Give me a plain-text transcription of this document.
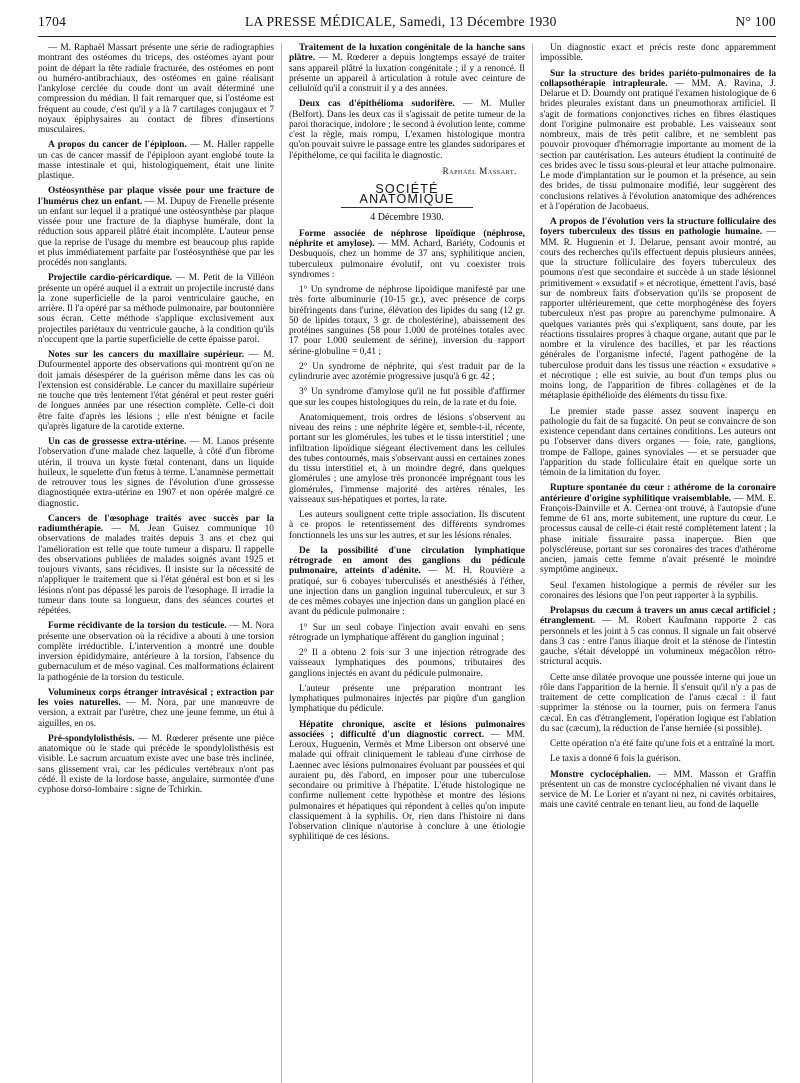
1704	LA PRESSE MÉDICALE, Samedi, 13 Décembre 1930	N° 100

— M. Raphaël Massart présente une série de radiographies montrant des ostéomes du triceps, des ostéomes ayant pour point de départ la tête radiale fracturée, des ostéomes en pont ou huméro-antibrachiaux, des ostéomes en gaine réalisant l'ankylose cerclée du coude dont un avait déterminé une compression du médian. Il fait remarquer que, si l'ostéome est fréquent au coude, c'est qu'il y a là 7 cartilages conjugaux et 7 noyaux épiphysaires au contact de fibres d'insertions musculaires.

A propos du cancer de l'épiploon. — M. Haller rappelle un cas de cancer massif de l'épiploon ayant englobé toute la masse intestinale et qui, histologiquement, était une linite plastique.

Ostéosynthèse par plaque vissée pour une fracture de l'humérus chez un enfant. — M. Dupuy de Frenelle présente un enfant sur lequel il a pratiqué une ostéosynthèse par plaque vissée pour une fracture de la diaphyse humérale, dont la réduction sous appareil plâtré était incomplète. L'auteur pense que la reprise de l'usage du membre est beaucoup plus rapide et plus immédiatement parfaite par l'ostéosynthèse que par les procédés non sanglants.

Projectile cardio-péricardique. — M. Petit de la Villéon présente un opéré auquel il a extrait un projectile incrusté dans la zone superficielle de la paroi ventriculaire gauche, en arrière. Il l'a opéré par sa méthode pulmonaire, par boutonnière sous écran. Cette méthode s'applique exclusivement aux projectiles pariétaux du ventricule gauche, à la condition qu'ils n'occupent que la partie superficielle de cette épaisse paroi.

Notes sur les cancers du maxillaire supérieur. — M. Dufourmentel apporte des observations qui montrent qu'on ne doit jamais désespérer de la guérison même dans les cas où l'extension est considérable. Le cancer du maxillaire supérieur ne touche que très lentement l'état général et peut rester guéri de longues années par une résection complète. Celle-ci doit être faite d'après les lésions ; elle n'est bénigne et facile qu'après ligature de la carotide externe.

Un cas de grossesse extra-utérine. — M. Lanos présente l'observation d'une malade chez laquelle, à côté d'un fibrome utérin, il trouva un kyste fœtal contenant, dans un liquide huileux, le squelette d'un fœtus à terme. L'anamnèse permettait de retrouver tous les signes de l'évolution d'une grossesse diagnostiquée extra-utérine en 1907 et non opérée malgré ce diagnostic.

Cancers de l'œsophage traités avec succès par la radiumthérapie. — M. Jean Guisez communique 10 observations de malades traités depuis 3 ans et chez qui l'amélioration est telle que toute tumeur a disparu. Il rappelle des observations publiées de malades soignés avant 1925 et toujours vivants, sans récidives. Il insiste sur la nécessité de n'appliquer le traitement que si l'état général est bon et si les lésions n'ont pas dépassé les parois de l'œsophage. Il irradie la tumeur dans toute sa longueur, dans des séances courtes et répétées.

Forme récidivante de la torsion du testicule. — M. Nora présente une observation où la récidive a abouti à une torsion complète irréductible. L'intervention a montré une double inversion épididymaire, antérieure à la torsion, l'absence du gubernaculum et de méso vaginal. Ces malformations éclairent la pathogénie de la torsion du testicule.

Volumineux corps étranger intravésical ; extraction par les voies naturelles. — M. Nora, par une manœuvre de version, a extrait par l'urètre, chez une jeune femme, un étui à aiguilles, en os.

Pré-spondylolisthésis. — M. Rœderer présente une pièce anatomique où le stade qui précède le spondylolisthésis est visible. Le sacrum arcuatum existe avec une base très inclinée, sans glissement vrai, car les pédicules vertébraux n'ont pas cédé. Il existe de la lordose basse, angulaire, surmontée d'une cyphose dorso-lombaire : signe de Tchirkin.

Traitement de la luxation congénitale de la hanche sans plâtre. — M. Rœderer a depuis longtemps essayé de traiter sans appareil plâtré la luxation congénitale ; il y a renoncé. Il présente un appareil à articulation à rotule avec ceinture de celluloïd qu'il a construit il y a des années.

Deux cas d'épithélioma sudorifère. — M. Muller (Belfort). Dans les deux cas il s'agissait de petite tumeur de la paroi thoracique, indolore ; le second à évolution lente, comme c'est la règle, mais rompu, L'examen histologique montra qu'on pouvait suivre le passage entre les glandes sudoripares et l'épithélome, ce qui facilita le diagnostic.

Raphaël Massart.
SOCIÉTÉ ANATOMIQUE
4 Décembre 1930.

Forme associée de néphrose lipoïdique (néphrose, néphrite et amylose). — MM. Achard, Bariéty, Codounis et Desbuquois, chez un homme de 37 ans, syphilitique ancien, tuberculeux pulmonaire évolutif, ont vu coexister trois syndromes :

1° Un syndrome de néphrose lipoïdique manifesté par une très forte albuminurie (10-15 gr.), avec présence de corps biréfringents dans l'urine, élévation des lipides du sang (12 gr. 50 de lipides totaux, 3 gr. de cholestérine), abaissement des protéines sanguines (58 pour 1.000 de protéines totales avec 17 pour 1.000 seulement de sérine), inversion du rapport sérine-globuline = 0,41 ;

2° Un syndrome de néphrite, qui s'est traduit par de la cylindrurie avec azotémie progressive jusqu'à 6 gr. 42 ;

3° Un syndrome d'amylose qu'il ne fut possible d'affirmer que sur les coupes histologiques du rein, de la rate et du foie.

Anatomiquement, trois ordres de lésions s'observent au niveau des reins : une néphrite légère et, semble-t-il, récente, portant sur les glomérules, les tubes et le tissu interstitiel ; une infiltration lipoïdique siégeant électivement dans les cellules des tubes contournés, mais s'observant aussi en certaines zones du tissu interstitiel et, à un moindre degré, dans quelques glomérules ; une amylose très prononcée imprégnant tous les glomérules, l'immense majorité des artères rénales, les vaisseaux sus-hépatiques et portes, la rate.

Les auteurs soulignent cette triple association. Ils discutent à ce propos le retentissement des différents syndromes fonctionnels les uns sur les autres, et sur les lésions rénales.

De la possibilité d'une circulation lymphatique rétrograde en amont des ganglions du pédicule pulmonaire, atteints d'adénite. — M. H. Rouvière a pratiqué, sur 6 cobayes tuberculisés et anesthésiés à l'éther, une injection dans un ganglion inguinal tuberculeux, et sur 3 de ces mêmes cobayes une injection dans un ganglion placé en avant du pédicule pulmonaire :

1° Sur un seul cobaye l'injection avait envahi en sens rétrograde un lymphatique afférent du ganglion inguinal ;

2° Il a obtenu 2 fois sur 3 une injection rétrograde des vaisseaux lymphatiques des poumons, tributaires des ganglions injectés en avant du pédicule pulmonaire.

L'auteur présente une préparation montrant les lymphatiques pulmonaires injectés par piqûre d'un ganglion lymphatique du pédicule.

Hépatite chronique, ascite et lésions pulmonaires associées ; difficulté d'un diagnostic correct. — MM. Leroux, Huguenin, Vermès et Mme Liberson ont observé une malade qui offrait cliniquement le tableau d'une cirrhose de Laennec avec lésions pulmonaires évoluant par poussées et qui auraient pu, dès l'abord, en imposer pour une tuberculose secondaire ou primitive à l'hépatite. L'étude histologique ne confirme nullement cette hypothèse et montre des lésions pulmonaires et hépatiques qui répondent à celles qu'on impute classiquement à la syphilis. Or, rien dans l'histoire ni dans l'observation clinique n'autorise à conclure à une étiologie syphilitique de ces lésions.

Un diagnostic exact et précis reste donc apparemment impossible.

Sur la structure des brides pariéto-pulmonaires de la collapsothérapie intrapleurale. — MM. A. Ravina, J. Delarue et D. Doumdy ont pratiqué l'examen histologique de 6 brides pleurales existant dans un pneumothorax artificiel. Il s'agit de formations conjonctives riches en fibres élastiques dont l'origine pulmonaire est probable. Les vaisseaux sont nombreux, mais de très petit calibre, et ne semblent pas pouvoir provoquer d'hémorragie importante au moment de la section par cautérisation. Les auteurs étudient la continuité de ces brides avec le tissu sous-pleural et leur attache pulmonaire. Le mode d'implantation sur le poumon et la présence, au sein des brides, de tissu pulmonaire modifié, leur suggèrent des conclusions relatives à l'évolution anatomique des adhérences et à l'opération de Jacobaeus.

A propos de l'évolution vers la structure folliculaire des foyers tuberculeux des tissus en pathologie humaine. — MM. R. Huguenin et J. Delarue, pensant avoir montré, au cours des recherches qu'ils effectuent depuis plusieurs années, que la structure folliculaire des foyers tuberculeux des poumons n'est que secondaire et succède à un stade lésionnel primitivement « exsudatif » et nécrotique, émettent l'avis, basé sur de nombreux faits d'observation qu'ils se proposent de rapporter ultérieurement, que cette morphogénèse des foyers tuberculeux n'est pas propre au parenchyme pulmonaire. A quelques variantes près qui s'expliquent, sans doute, par les réactions tissulaires propres à chaque organe, autant que par le nombre et la virulence des bacilles, et par les réactions générales de l'organisme infecté, l'agent pathogène de la tuberculose produit dans les tissus une réaction « exsudative » et nécrotique ; elle est suivie, au bout d'un temps plus ou moins long, de l'apparition de fibres collagènes et de la métaplasie épithélioïde des éléments du tissu fixe.

Le premier stade passe assez souvent inaperçu en pathologie du fait de sa fugacité. On peut se convaincre de son existence cependant dans certaines conditions. Les auteurs ont pu l'observer dans divers organes — foie, rate, ganglions, trompe de Fallope, gaines synoviales — et se persuader que l'apparition du stade folliculaire était en quelque sorte un témoin de la limitation du foyer.

Rupture spontanée du cœur : athérome de la coronaire antérieure d'origine syphilitique vraisemblable. — MM. E. François-Dainville et A. Cernea ont trouvé, à l'autopsie d'une femme de 61 ans, morte subitement, une rupture du cœur. Le processus causal de celle-ci était resté complètement latent ; la phase initiale fissuraire passa inaperçue. Bien que polyscléreuse, portant sur ses coronaires des traces d'athérome ancien, jamais cette femme n'avait présenté le moindre symptôme angineux.

Seul l'examen histologique a permis de révéler sur les coronaires des lésions que l'on peut rapporter à la syphilis.

Prolapsus du cæcum à travers un anus cæcal artificiel ; étranglement. — M. Robert Kaufmann rapporte 2 cas personnels et les joint à 5 cas connus. Il signale un fait observé dans 3 cas : entre l'anus iliaque droit et la sténose de l'intestin gauche, s'était développé un volumineux mégacôlon rétro-strictural acquis.

Cette anse dilatée provoque une poussée interne qui joue un rôle dans l'apparition de la hernie. Il s'ensuit qu'il n'y a pas de traitement de cette complication de l'anus cæcal : il faut supprimer la sténose ou la tourner, puis on fermera l'anus cæcal. En cas d'étranglement, l'opération logique est l'ablation du sac (cæcum), la réduction de l'anse herniée (si possible).

Cette opération n'a été faite qu'une fois et a entraîné la mort.

Le taxis a donné 6 fois la guérison.

Monstre cyclocéphalien. — MM. Masson et Graffin présentent un cas de monstre cyclocéphalien né vivant dans le service de M. Le Lorier et n'ayant ni nez, ni cavités orbitaires, mais une cavité centrale en tenant lieu, au fond de laquelle
